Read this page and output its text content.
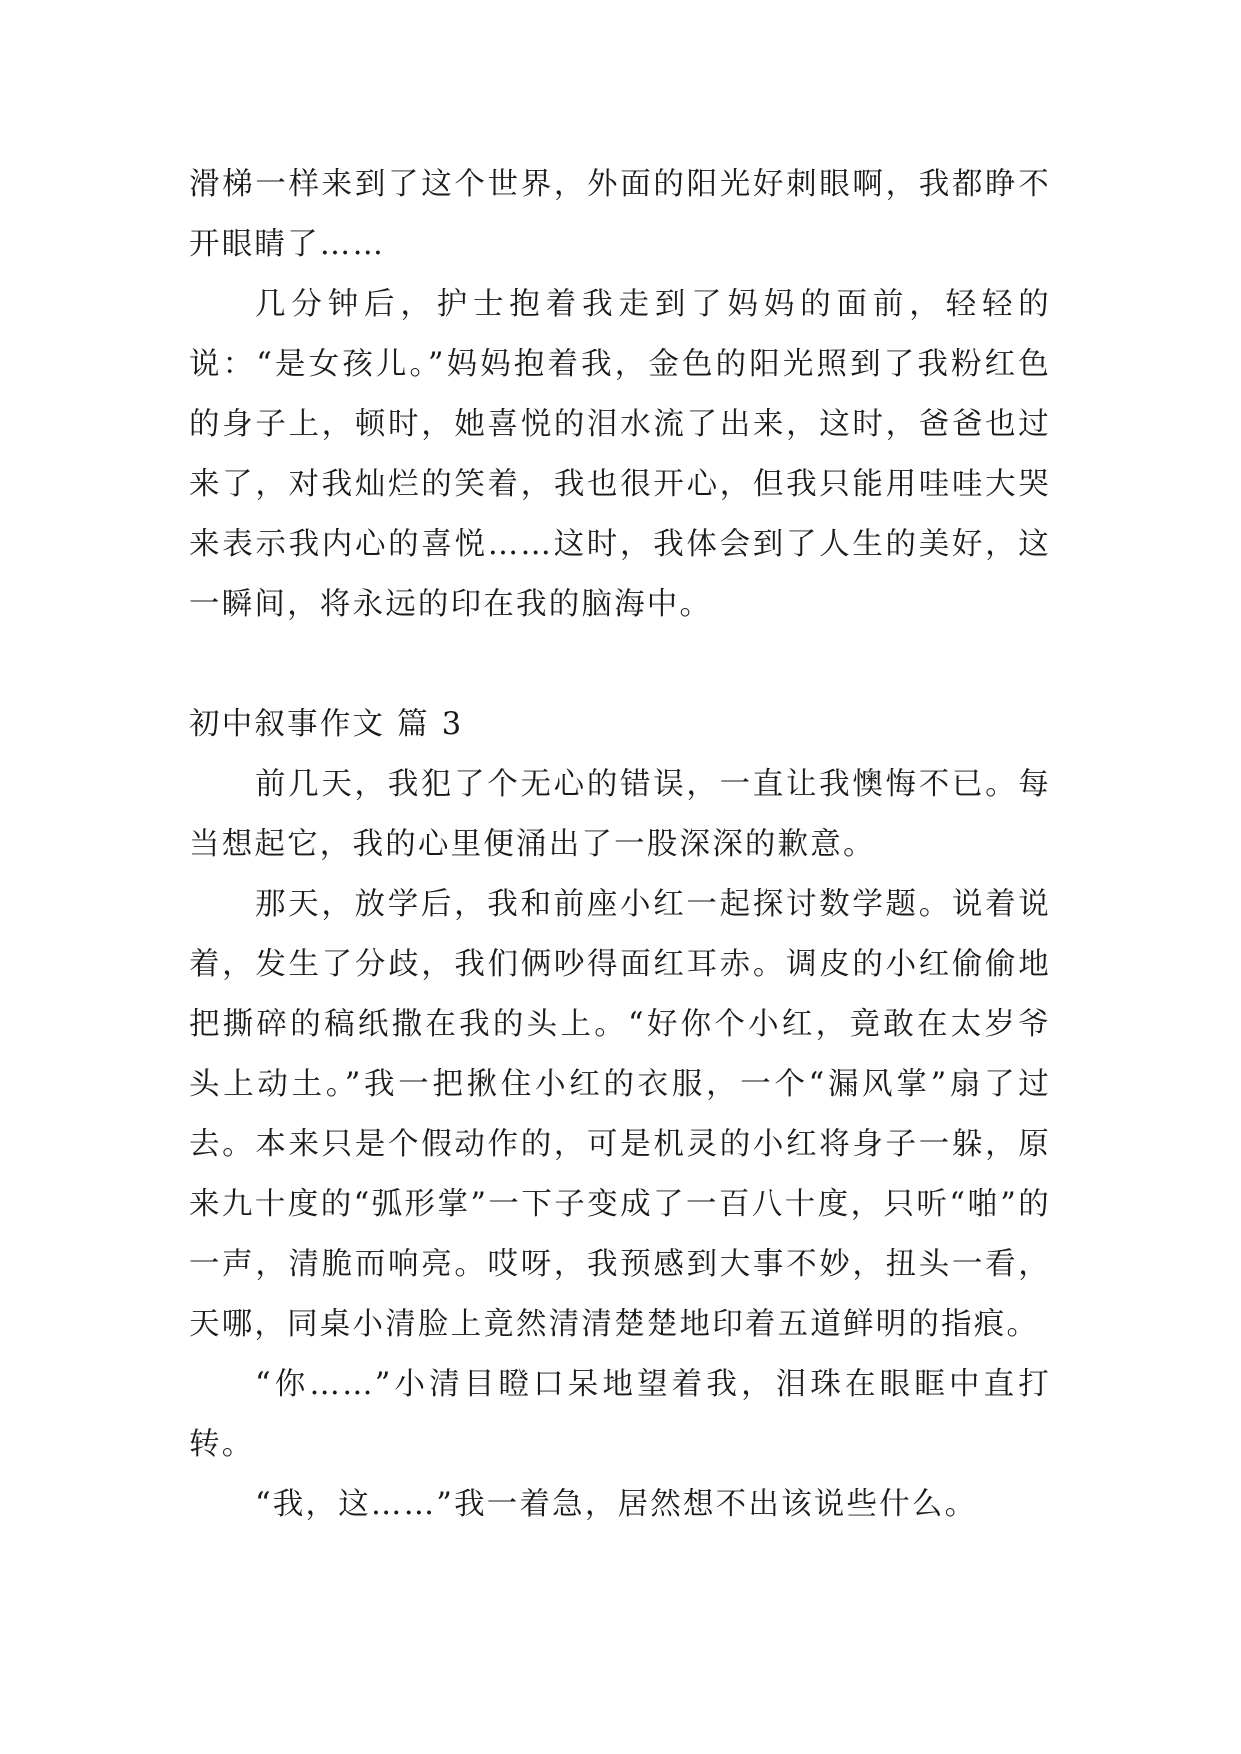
滑梯一样来到了这个世界，外面的阳光好刺眼啊，我都睁不开眼睛了……

几分钟后，护士抱着我走到了妈妈的面前，轻轻的说：“是女孩儿。”妈妈抱着我，金色的阳光照到了我粉红色的身子上，顿时，她喜悦的泪水流了出来，这时，爸爸也过来了，对我灿烂的笑着，我也很开心，但我只能用哇哇大哭来表示我内心的喜悦……这时，我体会到了人生的美好，这一瞬间，将永远的印在我的脑海中。

初中叙事作文 篇 3

前几天，我犯了个无心的错误，一直让我懊悔不已。每当想起它，我的心里便涌出了一股深深的歉意。

那天，放学后，我和前座小红一起探讨数学题。说着说着，发生了分歧，我们俩吵得面红耳赤。调皮的小红偷偷地把撕碎的稿纸撒在我的头上。“好你个小红，竟敢在太岁爷头上动土。”我一把揪住小红的衣服，一个“漏风掌”扇了过去。本来只是个假动作的，可是机灵的小红将身子一躲，原来九十度的“弧形掌”一下子变成了一百八十度，只听“啪”的一声，清脆而响亮。哎呀，我预感到大事不妙，扭头一看，天哪，同桌小清脸上竟然清清楚楚地印着五道鲜明的指痕。

“你……”小清目瞪口呆地望着我，泪珠在眼眶中直打转。

“我，这……”我一着急，居然想不出该说些什么。
